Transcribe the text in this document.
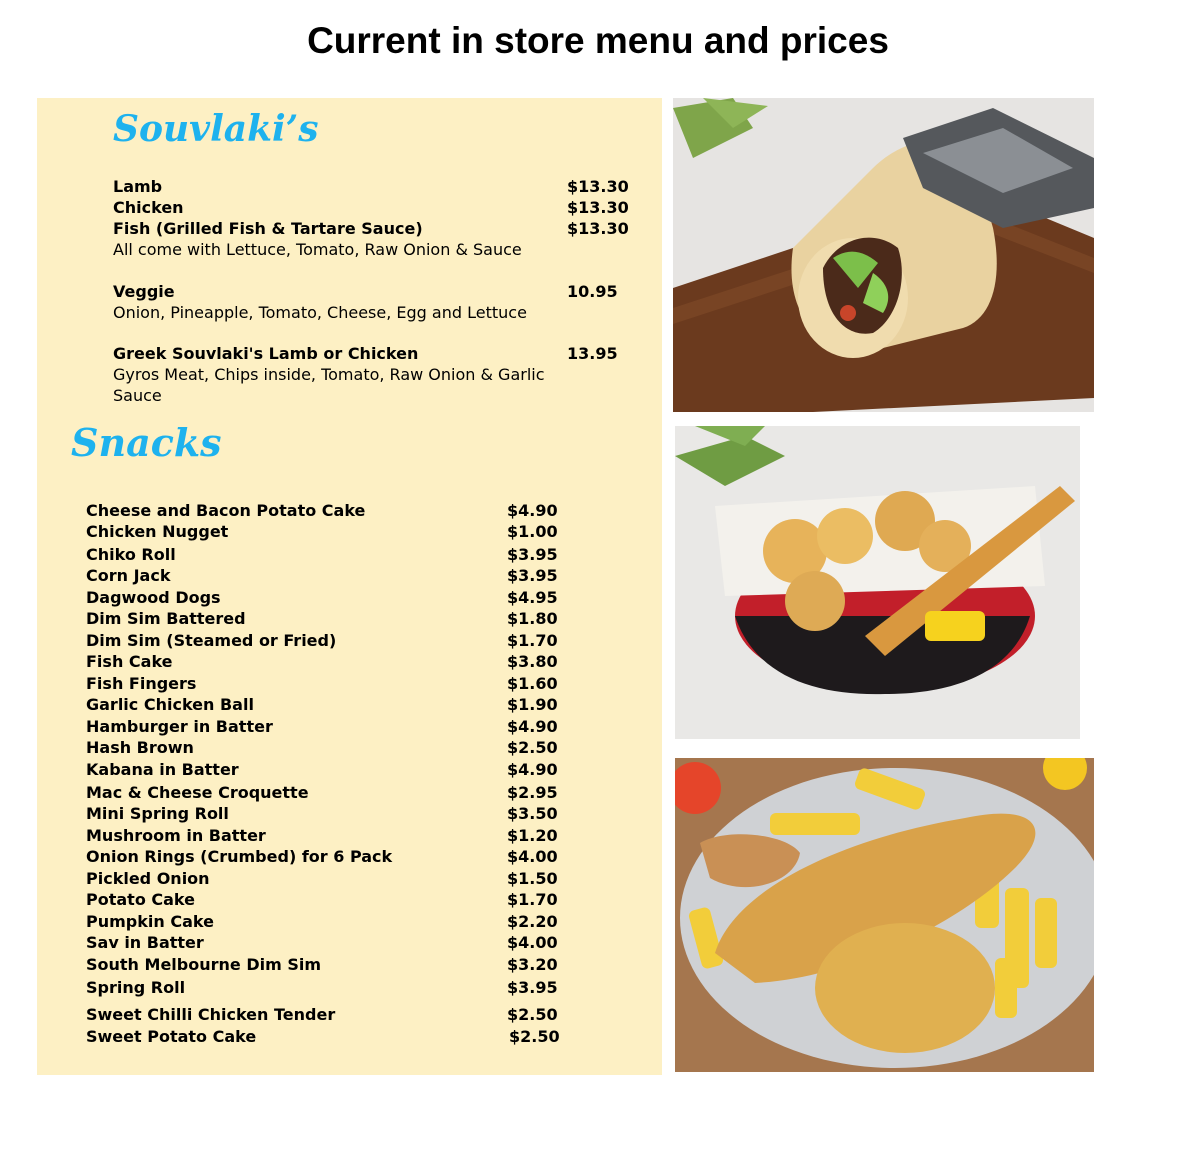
Current in store menu and prices
Souvlaki’s
Lamb	$13.30
Chicken	$13.30
Fish (Grilled Fish & Tartare Sauce)	$13.30
All come with Lettuce, Tomato, Raw Onion & Sauce
Veggie	10.95
Onion, Pineapple, Tomato, Cheese, Egg and Lettuce
Greek Souvlaki's Lamb or Chicken	13.95
Gyros Meat, Chips inside, Tomato, Raw Onion & Garlic Sauce
Snacks
Cheese and Bacon Potato Cake	$4.90
Chicken Nugget	$1.00
Chiko Roll	$3.95
Corn Jack	$3.95
Dagwood Dogs	$4.95
Dim Sim Battered	$1.80
Dim Sim (Steamed or Fried)	$1.70
Fish Cake	$3.80
Fish Fingers	$1.60
Garlic Chicken Ball	$1.90
Hamburger in Batter	$4.90
Hash Brown	$2.50
Kabana in Batter	$4.90
Mac & Cheese Croquette	$2.95
Mini Spring Roll	$3.50
Mushroom in Batter	$1.20
Onion Rings (Crumbed) for 6 Pack	$4.00
Pickled Onion	$1.50
Potato Cake	$1.70
Pumpkin Cake	$2.20
Sav in Batter	$4.00
South Melbourne Dim Sim	$3.20
Spring Roll	$3.95
Sweet Chilli Chicken Tender	$2.50
Sweet Potato Cake	$2.50
